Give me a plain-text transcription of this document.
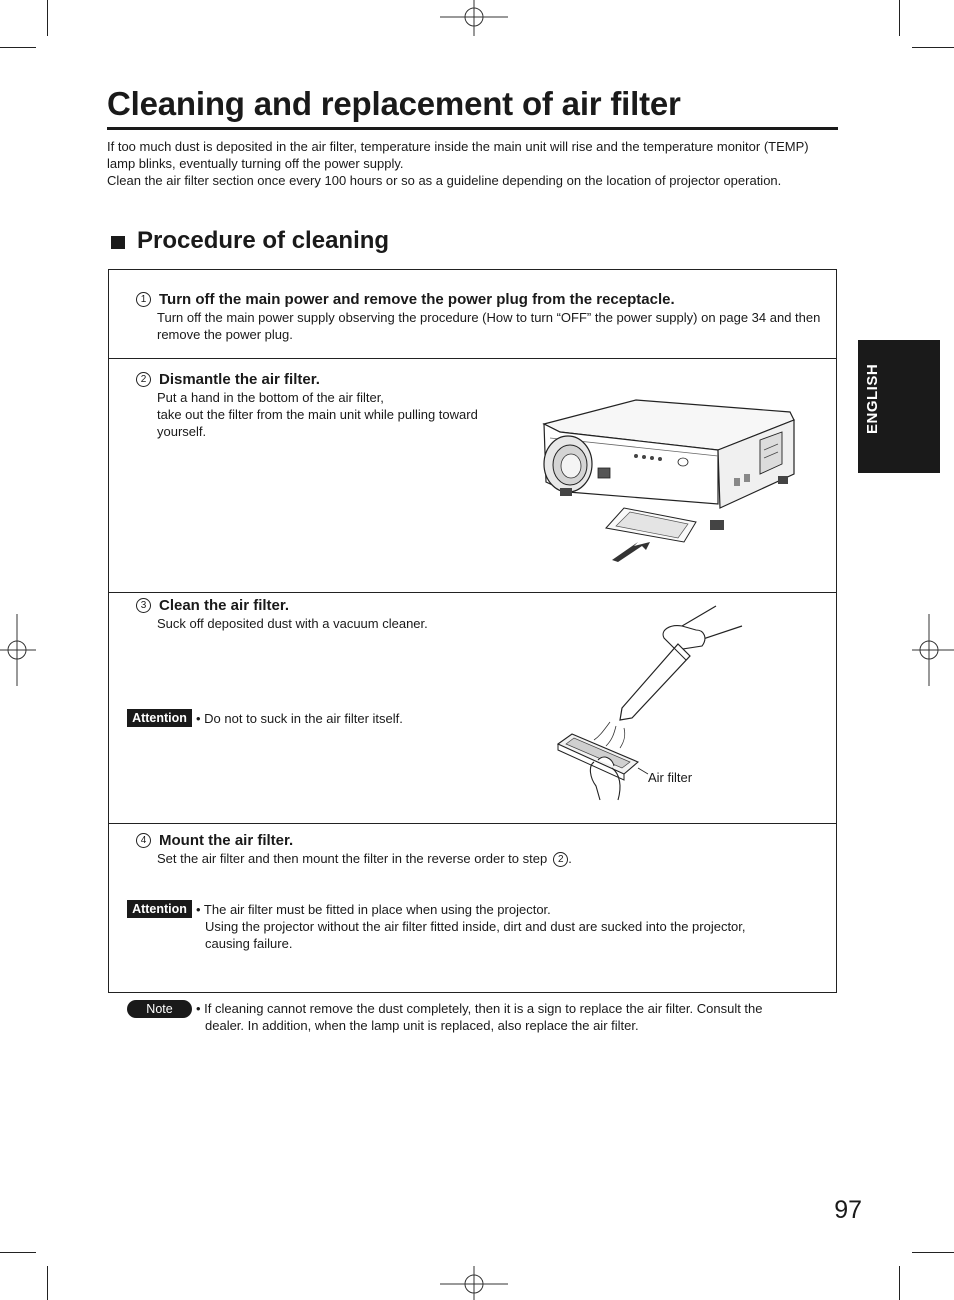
Cleaning and replacement of air filter

If too much dust is deposited in the air filter, temperature inside the main unit will rise and the temperature monitor (TEMP) lamp blinks, eventually turning off the power supply.

Clean the air filter section once every 100 hours or so as a guideline depending on the location of projector operation.

Procedure of cleaning
ENGLISH
1 Turn off the main power and remove the power plug from the receptacle.
Turn off the main power supply observing the procedure (How to turn “OFF” the power supply) on page 34 and then remove the power plug.
2 Dismantle the air filter.

Put a hand in the bottom of the air filter,

take out the filter from the main unit while pulling toward

yourself.

3 Clean the air filter.
Suck off deposited dust with a vacuum cleaner.
Attention • Do not to suck in the air filter itself.
Air filter
4 Mount the air filter.
Set the air filter and then mount the filter in the reverse order to step 2 .
Attention • The air filter must be fitted in place when using the projector.

Using the projector without the air filter fitted inside, dirt and dust are sucked into the projector,

causing failure.

Note	• If cleaning cannot remove the dust completely, then it is a sign to replace the air filter. Consult the

dealer. In addition, when the lamp unit is replaced, also replace the air filter.

97
